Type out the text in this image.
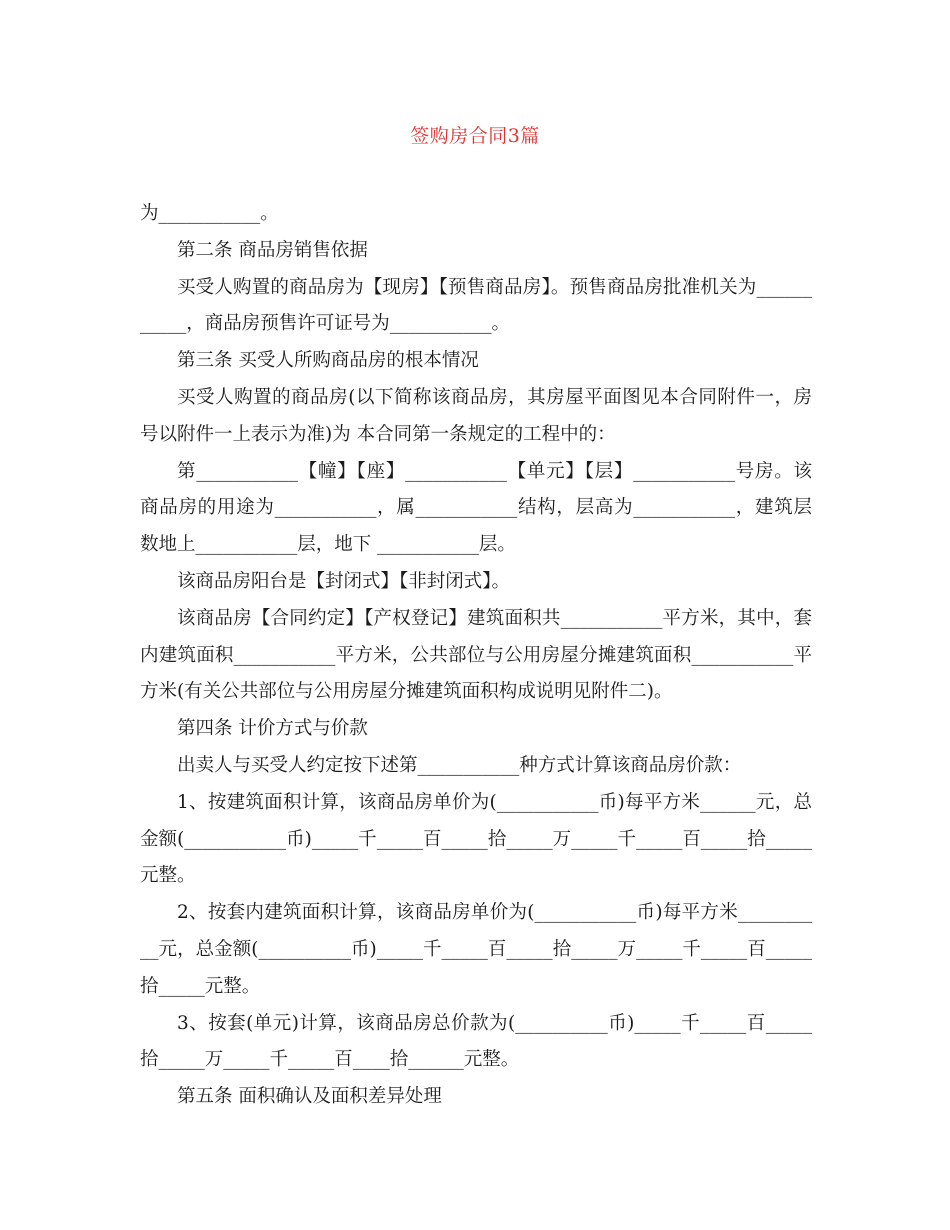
签购房合同3篇

为___________。

第二条 商品房销售依据

买受人购置的商品房为【现房】【预售商品房】。预售商品房批准机关为___________，商品房预售许可证号为___________。

第三条 买受人所购商品房的根本情况

买受人购置的商品房(以下简称该商品房，其房屋平面图见本合同附件一，房号以附件一上表示为准)为 本合同第一条规定的工程中的：

第___________【幢】【座】___________【单元】【层】___________号房。该商品房的用途为___________，属___________结构，层高为___________，建筑层数地上___________层，地下 ___________层。

该商品房阳台是【封闭式】【非封闭式】。

该商品房【合同约定】【产权登记】建筑面积共___________平方米，其中，套内建筑面积___________平方米，公共部位与公用房屋分摊建筑面积___________平方米(有关公共部位与公用房屋分摊建筑面积构成说明见附件二)。

第四条 计价方式与价款

出卖人与买受人约定按下述第___________种方式计算该商品房价款：

1、按建筑面积计算，该商品房单价为(___________币)每平方米______元，总金额(___________币)_____千_____百_____拾_____万_____千_____百_____拾_____元整。

2、按套内建筑面积计算，该商品房单价为(___________币)每平方米__________元，总金额(__________币)_____千_____百_____拾_____万_____千_____百_____拾_____元整。

3、按套(单元)计算，该商品房总价款为(__________币)_____千_____百_____拾_____万_____千_____百____拾______元整。

第五条 面积确认及面积差异处理
